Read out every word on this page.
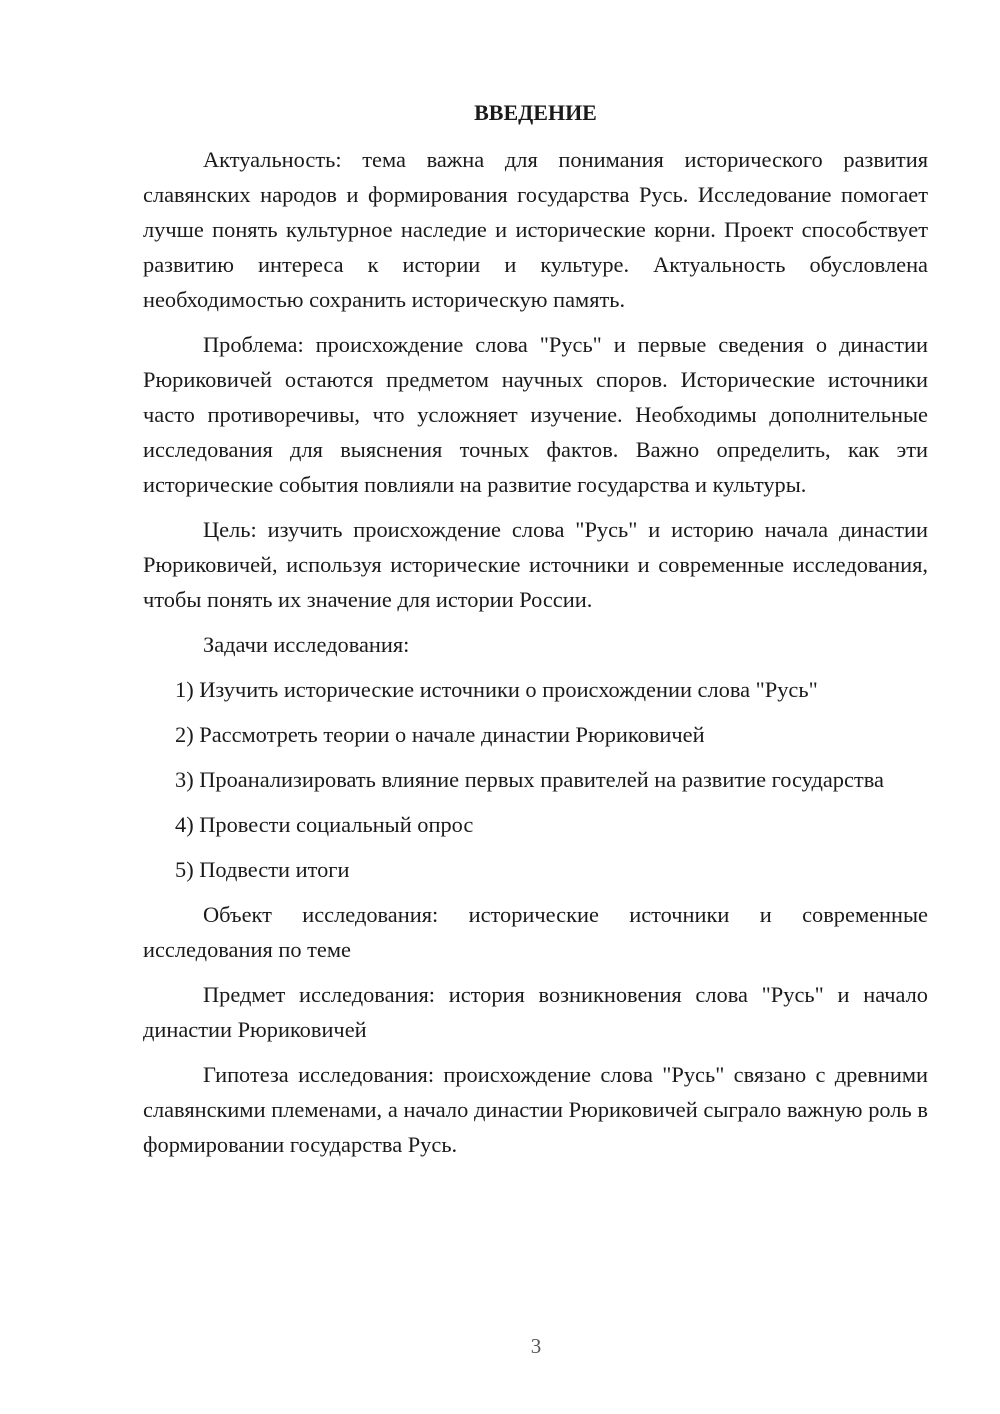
ВВЕДЕНИЕ

Актуальность: тема важна для понимания исторического развития славянских народов и формирования государства Русь. Исследование помогает лучше понять культурное наследие и исторические корни. Проект способствует развитию интереса к истории и культуре. Актуальность обусловлена необходимостью сохранить историческую память.

Проблема: происхождение слова "Русь" и первые сведения о династии Рюриковичей остаются предметом научных споров. Исторические источники часто противоречивы, что усложняет изучение. Необходимы дополнительные исследования для выяснения точных фактов. Важно определить, как эти исторические события повлияли на развитие государства и культуры.

Цель: изучить происхождение слова "Русь" и историю начала династии Рюриковичей, используя исторические источники и современные исследования, чтобы понять их значение для истории России.

Задачи исследования:

1) Изучить исторические источники о происхождении слова "Русь"

2) Рассмотреть теории о начале династии Рюриковичей

3) Проанализировать влияние первых правителей на развитие государства

4) Провести социальный опрос

5) Подвести итоги

Объект исследования: исторические источники и современные исследования по теме

Предмет исследования: история возникновения слова "Русь" и начало династии Рюриковичей

Гипотеза исследования: происхождение слова "Русь" связано с древними славянскими племенами, а начало династии Рюриковичей сыграло важную роль в формировании государства Русь.

3
